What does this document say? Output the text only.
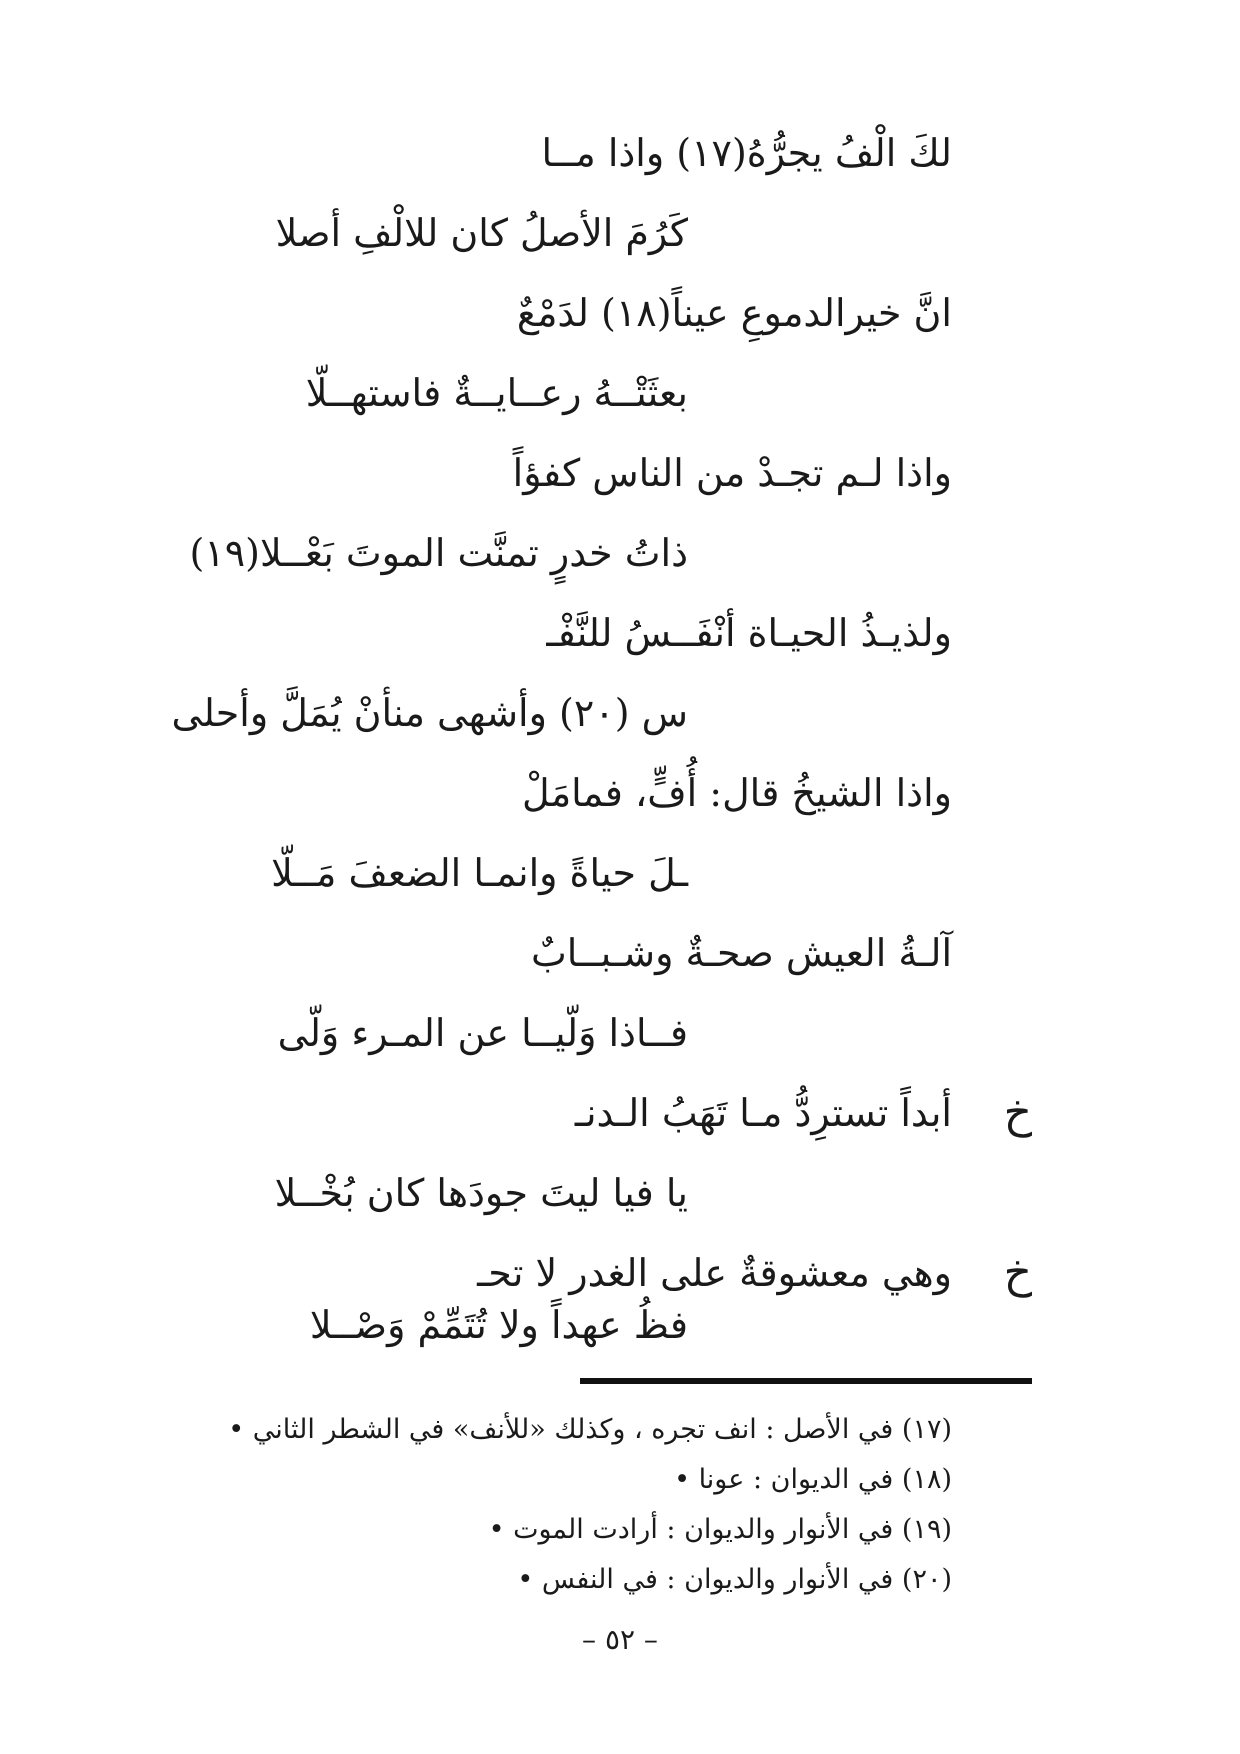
لكَ الْفُ يجرُّهُ(١٧) واذا مــا
كَرُمَ الأصلُ كان للالْفِ أصلا
انَّ خيرالدموعِ عيناً(١٨) لدَمْعٌ
بعثَتْــهُ رعــايــةٌ فاستهــلّا
واذا لـم تجـدْ من الناس كفؤاً
ذاتُ خدرٍ تمنَّت الموتَ بَعْــلا(١٩)
ولذيـذُ الحيـاة أنْفَــسُ للنَّفْـ
س (٢٠) وأشهى منأنْ يُمَلَّ وأحلى
واذا الشيخُ قال: أُفٍّ، فمامَلْ
ـلَ حياةً وانمـا الضعفَ مَــلّا
آلـةُ العيش صحـةٌ وشـبــابٌ
فــاذا وَلّيــا عن المـرء وَلّى
خ
أبداً تسترِدُّ مـا تَهَبُ الـدنـ
يا فيا ليتَ جودَها كان بُخْــلا
خ
وهي معشوقةٌ على الغدر لا تحـ
فظُ عهداً ولا تُتَمِّمْ وَصْــلا
(١٧) في الأصل : انف تجره ، وكذلك «للأنف» في الشطر الثاني •
(١٨) في الديوان : عونا •
(١٩) في الأنوار والديوان : أرادت الموت •
(٢٠) في الأنوار والديوان : في النفس •
– ٥٢ –
